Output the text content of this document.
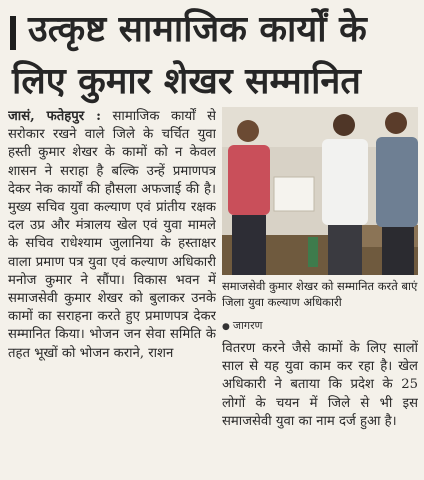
उत्कृष्ट सामाजिक कार्यों के
लिए कुमार शेखर सम्मानित

जासं, फतेहपुर : सामाजिक कार्यों से सरोकार रखने वाले जिले के चर्चित युवा हस्ती कुमार शेखर के कामों को न केवल शासन ने सराहा है बल्कि उन्हें प्रमाणपत्र देकर नेक कार्यों की हौसला अफजाई की है। मुख्य सचिव युवा कल्याण एवं प्रांतीय रक्षक दल उप्र और मंत्रालय खेल एवं युवा मामले के सचिव राधेश्याम जुलानिया के हस्ताक्षर वाला प्रमाण पत्र युवा एवं कल्याण अधिकारी मनोज कुमार ने सौंपा। विकास भवन में समाजसेवी कुमार शेखर को बुलाकर उनके कामों का सराहना करते हुए प्रमाणपत्र देकर सम्मानित किया। भोजन जन सेवा समिति के तहत भूखों को भोजन कराने, राशन

समाजसेवी कुमार शेखर को सम्मानित करते बाएं जिला युवा कल्याण अधिकारी
● जागरण

वितरण करने जैसे कामों के लिए सालों साल से यह युवा काम कर रहा है। खेल अधिकारी ने बताया कि प्रदेश के 25 लोगों के चयन में जिले से भी इस समाजसेवी युवा का नाम दर्ज हुआ है।
